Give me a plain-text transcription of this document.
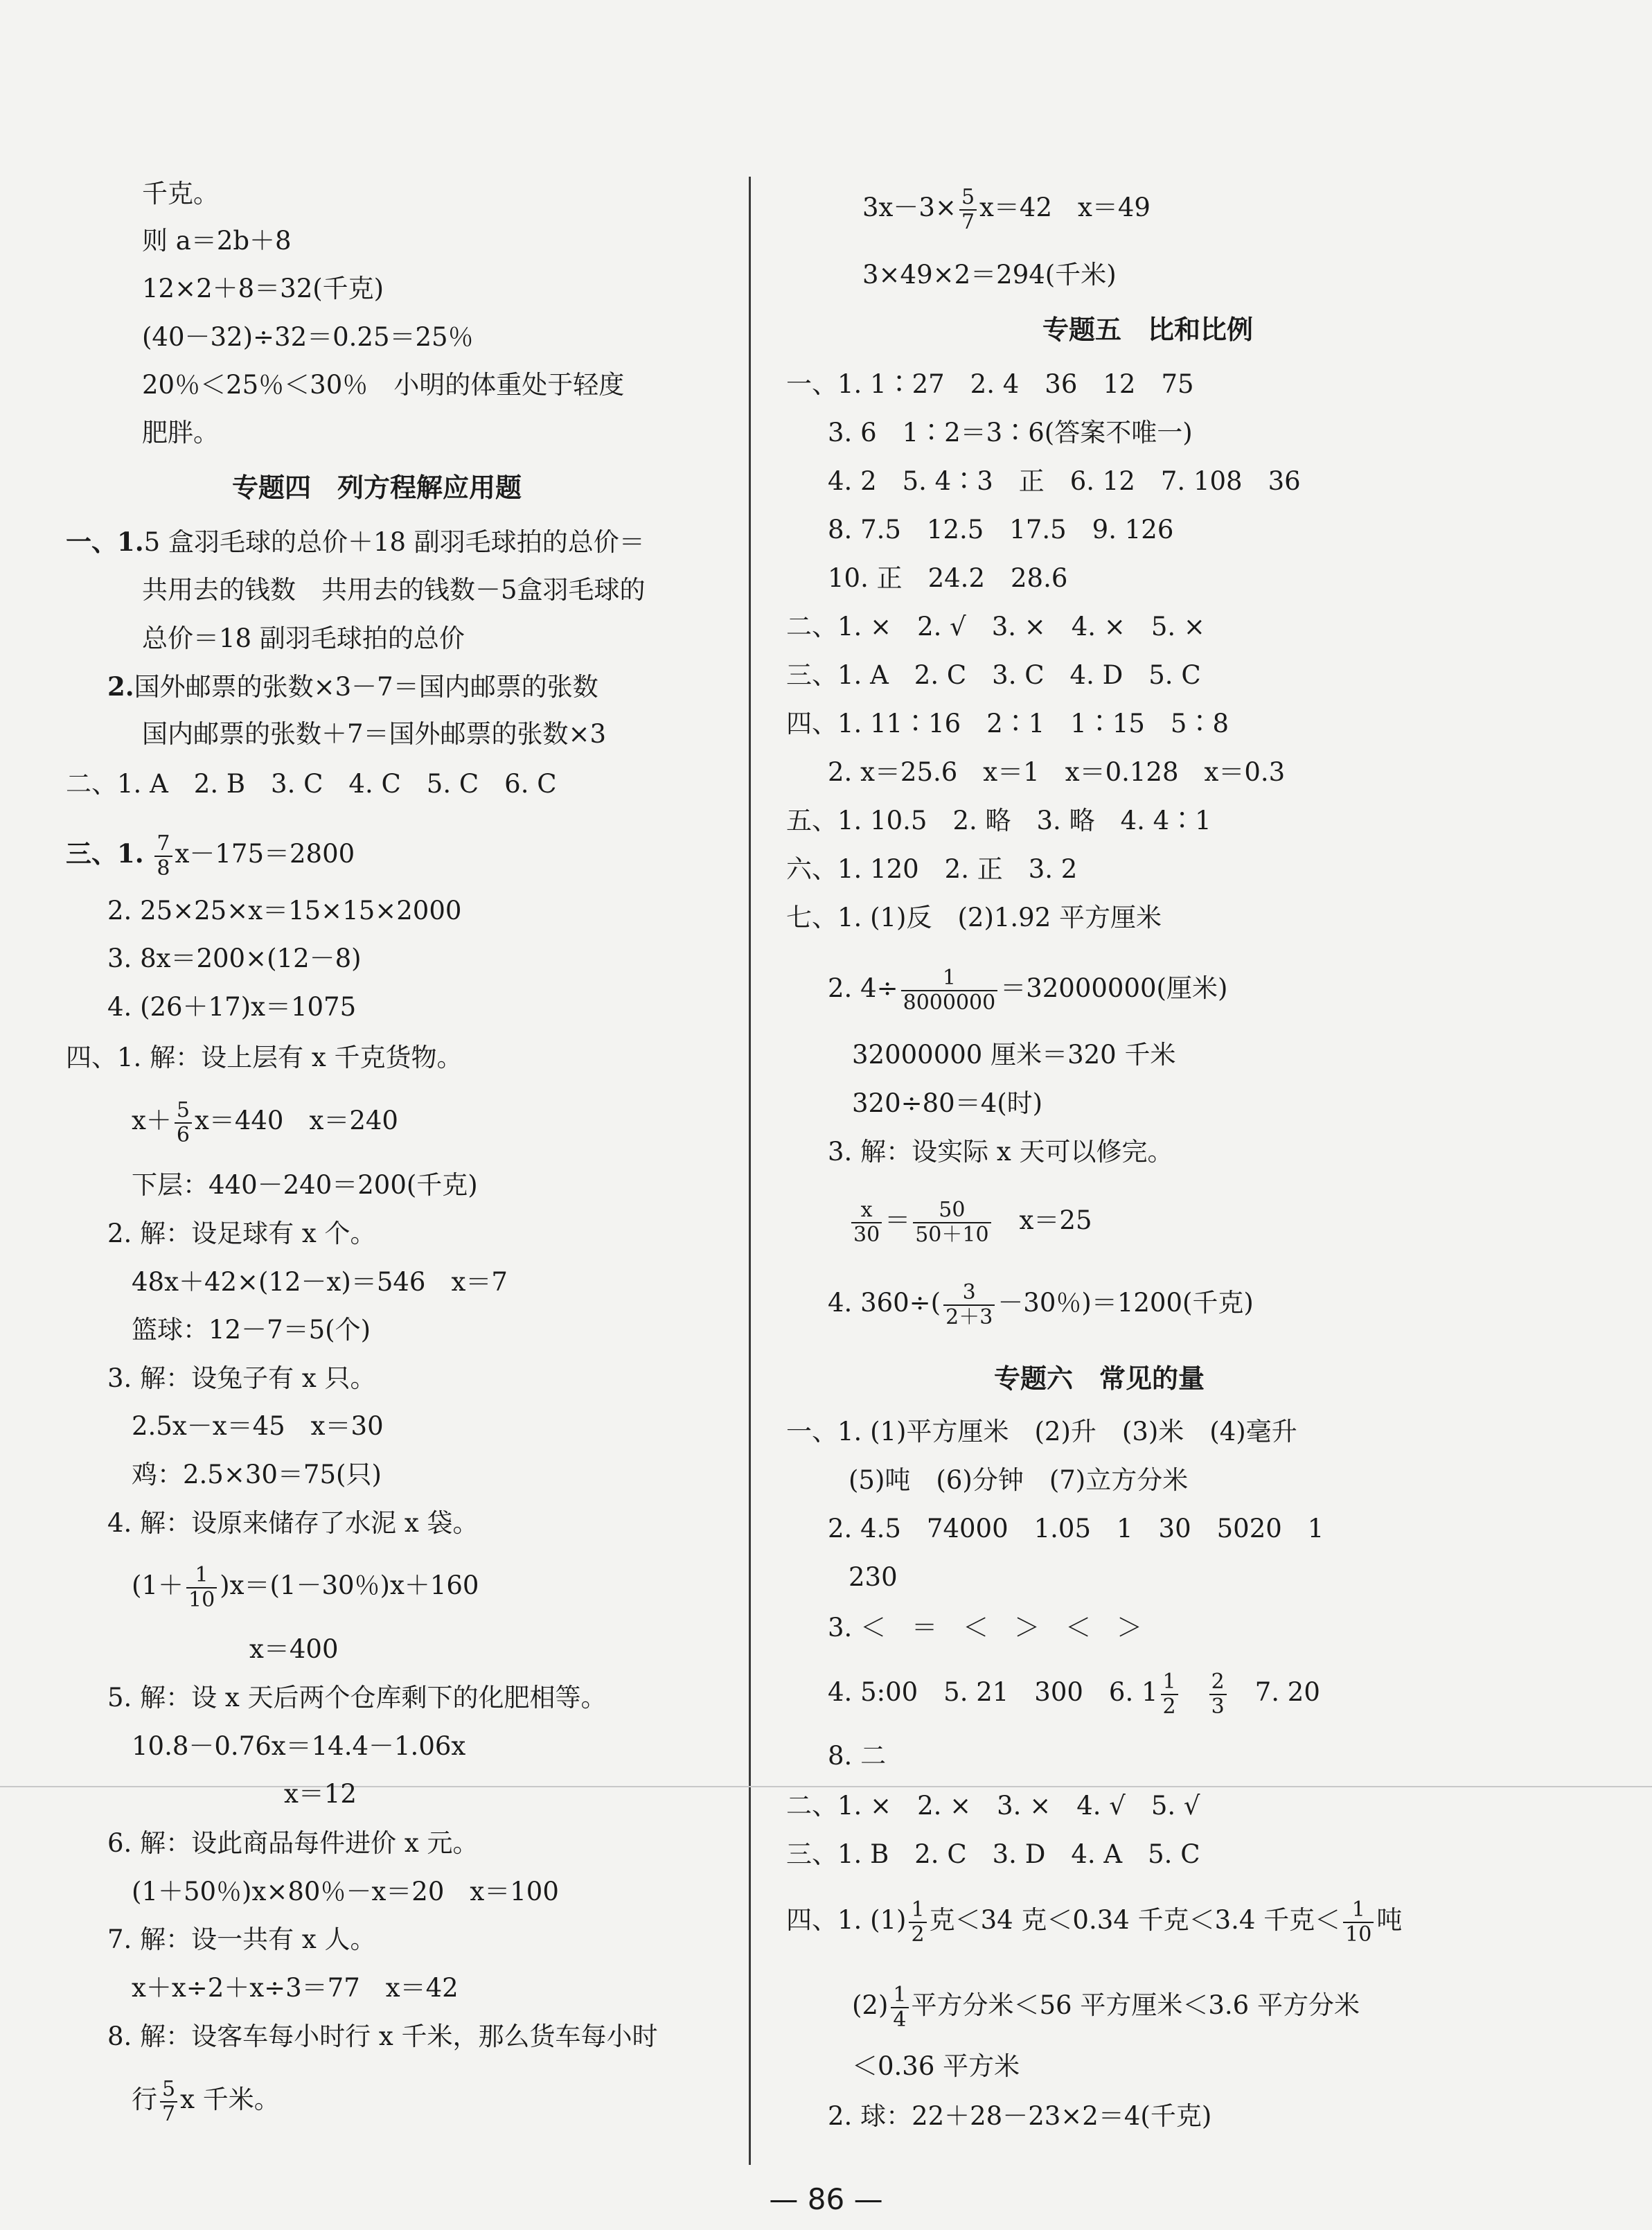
千克。
则 a＝2b＋8
12×2＋8＝32(千克)
(40－32)÷32＝0.25＝25％
20％＜25％＜30％　小明的体重处于轻度
肥胖。
专题四　列方程解应用题
一、1.5 盒羽毛球的总价＋18 副羽毛球拍的总价＝
共用去的钱数　共用去的钱数－5盒羽毛球的
总价＝18 副羽毛球拍的总价
2.国外邮票的张数×3－7＝国内邮票的张数
国内邮票的张数＋7＝国外邮票的张数×3
二、1. A　2. B　3. C　4. C　5. C　6. C
三、1. $\frac{7}{8} x-175=2800$
2. 25×25×x＝15×15×2000
3. 8x＝200×(12－8)
4. (26＋17)x＝1075
四、1. 解：设上层有 x 千克货物。
$x+ \frac{5}{6} x=440$　x＝240
下层：440－240＝200(千克)
2. 解：设足球有 x 个。
48x＋42×(12－x)＝546　x＝7
篮球：12－7＝5(个)
3. 解：设兔子有 x 只。
2.5x－x＝45　x＝30
鸡：2.5×30＝75(只)
4. 解：设原来储存了水泥 x 袋。
$(1+ \frac{1}{10} )x=(1-30$％)x＋160
x＝400
5. 解：设 x 天后两个仓库剩下的化肥相等。
10.8－0.76x＝14.4－1.06x
x＝12
6. 解：设此商品每件进价 x 元。
(1＋50％)x×80％－x＝20　x＝100
7. 解：设一共有 x 人。
x＋x÷2＋x÷3＝77　x＝42
8. 解：设客车每小时行 x 千米，那么货车每小时
行 $\frac{5}{7}$ x 千米。
$3x-3\times \frac{5}{7} x=42$　x＝49
3×49×2＝294(千米)
专题五　比和比例
一、1. 1∶27　2. 4　36　12　75
3. 6　1∶2＝3∶6(答案不唯一)
4. 2　5. 4∶3　正　6. 12　7. 108　36
8. 7.5　12.5　17.5　9. 126
10. 正　24.2　28.6
二、1. ×　2. √　3. ×　4. ×　5. ×
三、1. A　2. C　3. C　4. D　5. C
四、1. 11∶16　2∶1　1∶15　5∶8
2. x＝25.6　x＝1　x＝0.128　x＝0.3
五、1. 10.5　2. 略　3. 略　4. 4∶1
六、1. 120　2. 正　3. 2
七、1. (1)反　(2)1.92 平方厘米
2. $4\div \frac{1}{8000000} =32000000$(厘米)
32000000 厘米＝320 千米
320÷80＝4(时)
3. 解：设实际 x 天可以修完。
$\frac{x}{30} = \frac{50}{50+10}$
　 x＝25
4. $360\div( \frac{3}{2+3} -30$％)＝1200(千克)
专题六　常见的量
一、1. (1)平方厘米　(2)升　(3)米　(4)毫升
(5)吨　(6)分钟　(7)立方分米
2. 4.5　74000　1.05　1　30　5020　1
230
3. ＜　＝　＜　＞　＜　＞
4. 5:00　5. 21　300　6. $1 \frac{1}{2}$
　 $\frac{2}{3}$
　 7. 20
8. 二
二、1. ×　2. ×　3. ×　4. √　5. √
三、1. B　2. C　3. D　4. A　5. C
四、1. $(1) \frac{1}{2}$ 克＜34 克＜0.34 千克＜3.4 千克＜ $\frac{1}{10}$ 吨
$(2) \frac{1}{4}$ 平方分米＜56 平方厘米＜3.6 平方分米
＜0.36 平方米
2. 球：22＋28－23×2＝4(千克)
— 86 —
